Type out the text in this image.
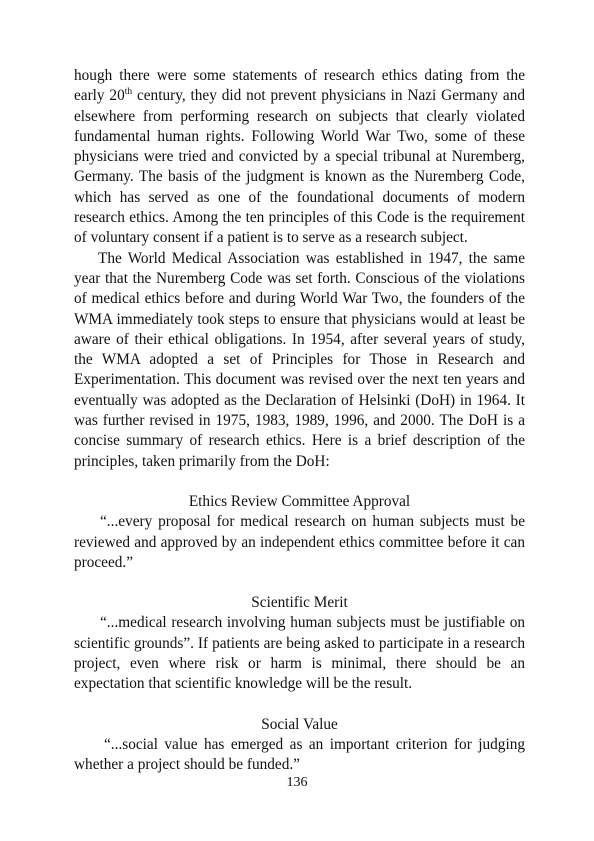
hough there were some statements of research ethics dating from the early 20th century, they did not prevent physicians in Nazi Germany and elsewhere from performing research on subjects that clearly violated fundamental human rights. Following World War Two, some of these physicians were tried and convicted by a special tribunal at Nuremberg, Germany. The basis of the judgment is known as the Nuremberg Code, which has served as one of the foundational documents of modern research ethics. Among the ten principles of this Code is the requirement of voluntary consent if a patient is to serve as a research subject.

The World Medical Association was established in 1947, the same year that the Nuremberg Code was set forth. Conscious of the violations of medical ethics before and during World War Two, the founders of the WMA immediately took steps to ensure that physicians would at least be aware of their ethical obligations. In 1954, after several years of study, the WMA adopted a set of Principles for Those in Research and Experimentation. This document was revised over the next ten years and eventually was adopted as the Declaration of Helsinki (DoH) in 1964. It was further revised in 1975, 1983, 1989, 1996, and 2000. The DoH is a concise summary of research ethics. Here is a brief description of the principles, taken primarily from the DoH:

Ethics Review Committee Approval

“...every proposal for medical research on human subjects must be reviewed and approved by an independent ethics committee before it can proceed.”

Scientific Merit

“...medical research involving human subjects must be justifiable on scientific grounds”. If patients are being asked to participate in a research project, even where risk or harm is minimal, there should be an expectation that scientific knowledge will be the result.

Social Value

“...social value has emerged as an important criterion for judging whether a project should be funded.”

136
